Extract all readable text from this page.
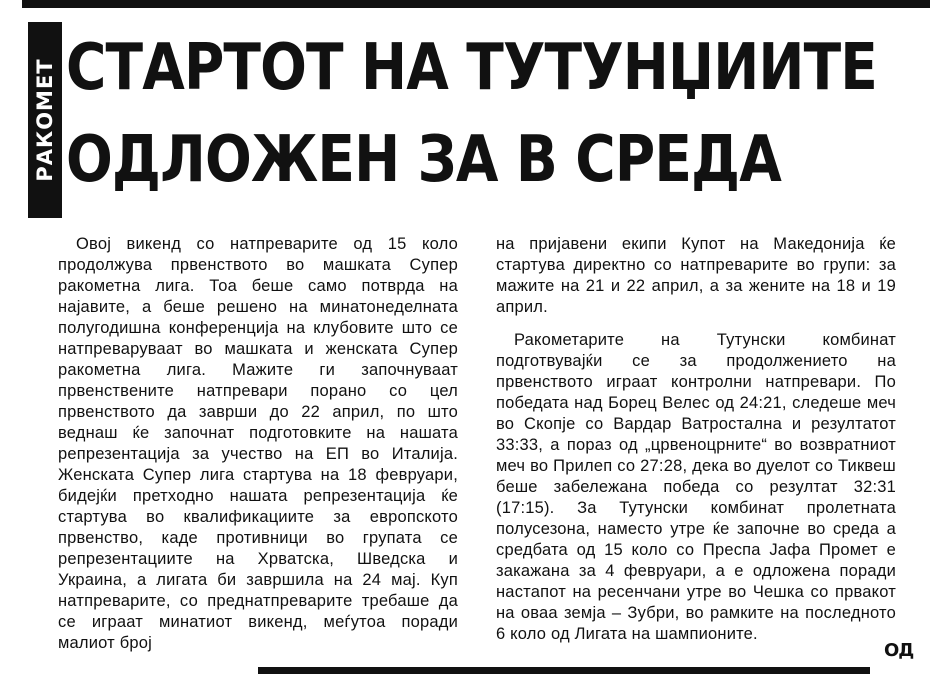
РАКОМЕТ СТАРТОТ НА ТУТУНЏИИТЕ
ОДЛОЖЕН ЗА В СРЕДА

Овој викенд со натпреварите од 15 коло продолжува првенството во машката Супер ракометна лига. Тоа беше само потврда на најавите, а беше решено на минатонеделната полугодишна конференција на клубовите што се натпреваруваат во машката и женската Супер ракометна лига. Мажите ги започнуваат првенствените натпревари порано со цел првенството да заврши до 22 април, по што веднаш ќе започнат подготовките на нашата репрезентација за учество на ЕП во Италија. Женската Супер лига стартува на 18 февруари, бидејќи претходно нашата репрезентација ќе стартува во квалификациите за европското првенство, каде противници во групата се репрезентациите на Хрватска, Шведска и Украина, а лигата би завршила на 24 мај. Куп натпреварите, со преднатпреварите требаше да се играат минатиот викенд, меѓутоа поради малиот број

на пријавени екипи Купот на Македонија ќе стартува директно со натпреварите во групи: за мажите на 21 и 22 април, а за жените на 18 и 19 април.

Ракометарите на Тутунски комбинат подготвувајќи се за продолжението на првенството играат контролни натпревари. По победата над Борец Велес од 24:21, следеше меч во Скопје со Вардар Ватростална и резултатот 33:33, а пораз од „црвеноцрните“ во возвратниот меч во Прилеп со 27:28, дека во дуелот со Тиквеш беше забележана победа со резултат 32:31 (17:15). За Тутунски комбинат пролетната полусезона, наместо утре ќе започне во среда а средбата од 15 коло со Преспа Јафа Промет е закажана за 4 февруари, а е одложена поради настапот на ресенчани утре во Чешка со првакот на оваа земја – Зубри, во рамките на последното 6 коло од Лигата на шампионите.

ОД
